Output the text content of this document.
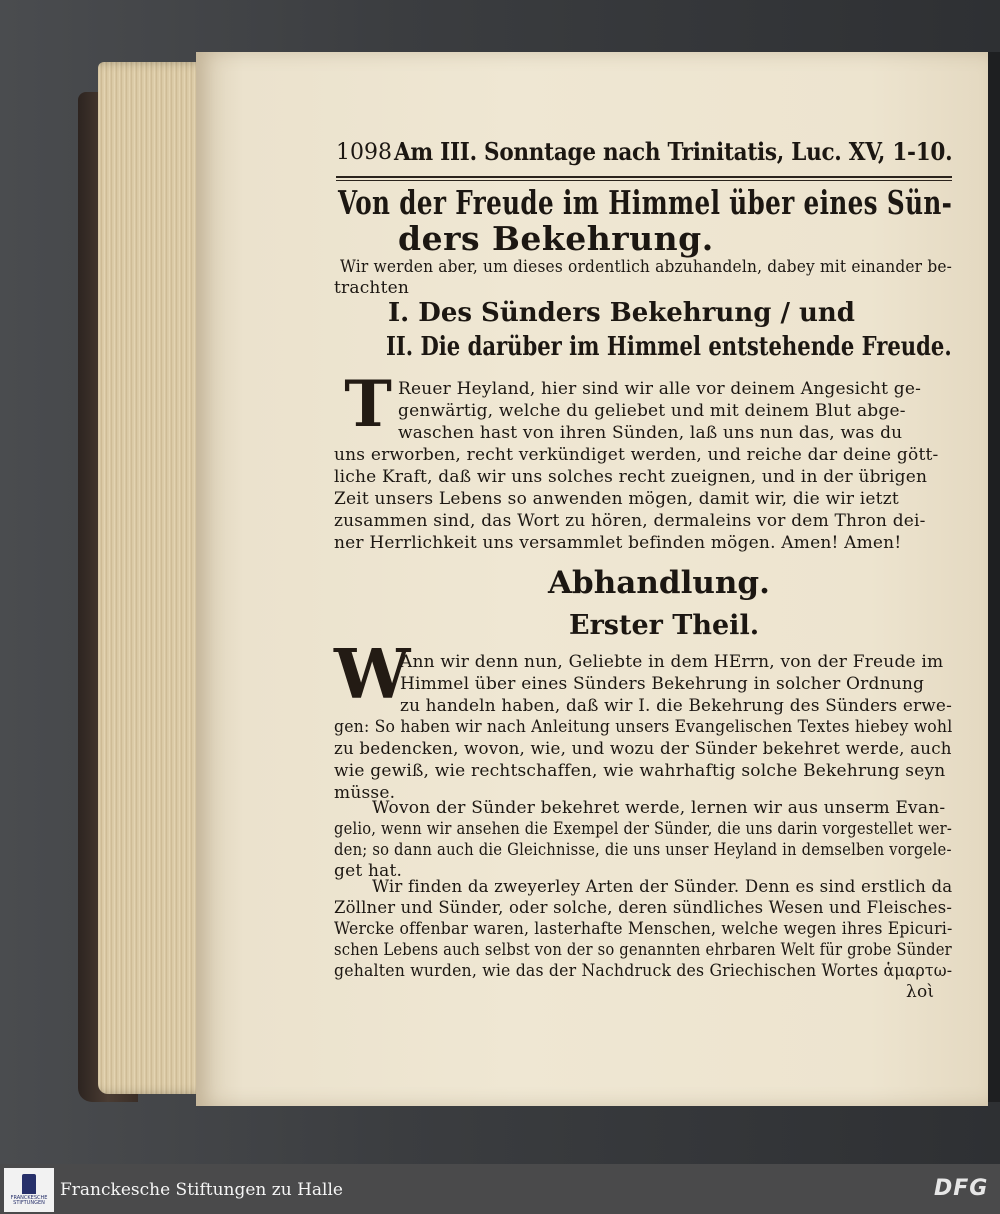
1098 Am III. Sonntage nach Trinitatis, Luc. XV, 1-10.
Von der Freude im Himmel über eines Sün-
ders Bekehrung.
Wir werden aber, um dieses ordentlich abzuhandeln, dabey mit einander be-
trachten
I. Des Sünders Bekehrung / und
II. Die darüber im Himmel entstehende Freude.
T Reuer Heyland, hier sind wir alle vor deinem Angesicht ge-
genwärtig, welche du geliebet und mit deinem Blut abge-
waschen hast von ihren Sünden, laß uns nun das, was du
uns erworben, recht verkündiget werden, und reiche dar deine gött-
liche Kraft, daß wir uns solches recht zueignen, und in der übrigen
Zeit unsers Lebens so anwenden mögen, damit wir, die wir ietzt
zusammen sind, das Wort zu hören, dermaleins vor dem Thron dei-
ner Herrlichkeit uns versammlet befinden mögen. Amen! Amen!
Abhandlung.
Erster Theil.
W
Ann wir denn nun, Geliebte in dem HErrn, von der Freude im
Himmel über eines Sünders Bekehrung in solcher Ordnung
zu handeln haben, daß wir I. die Bekehrung des Sünders erwe-
gen: So haben wir nach Anleitung unsers Evangelischen Textes hiebey wohl
zu bedencken, wovon, wie, und wozu der Sünder bekehret werde, auch
wie gewiß, wie rechtschaffen, wie wahrhaftig solche Bekehrung seyn
müsse.
Wovon der Sünder bekehret werde, lernen wir aus unserm Evan-
gelio, wenn wir ansehen die Exempel der Sünder, die uns darin vorgestellet wer-
den; so dann auch die Gleichnisse, die uns unser Heyland in demselben vorgele-
get hat.
Wir finden da zweyerley Arten der Sünder. Denn es sind erstlich da
Zöllner und Sünder, oder solche, deren sündliches Wesen und Fleisches-
Wercke offenbar waren, lasterhafte Menschen, welche wegen ihres Epicuri-
schen Lebens auch selbst von der so genannten ehrbaren Welt für grobe Sünder
gehalten wurden, wie das der Nachdruck des Griechischen Wortes ἁμαρτω-
λοὶ
FRANCKESCHE STIFTUNGEN
Franckesche Stiftungen zu Halle	DFG
